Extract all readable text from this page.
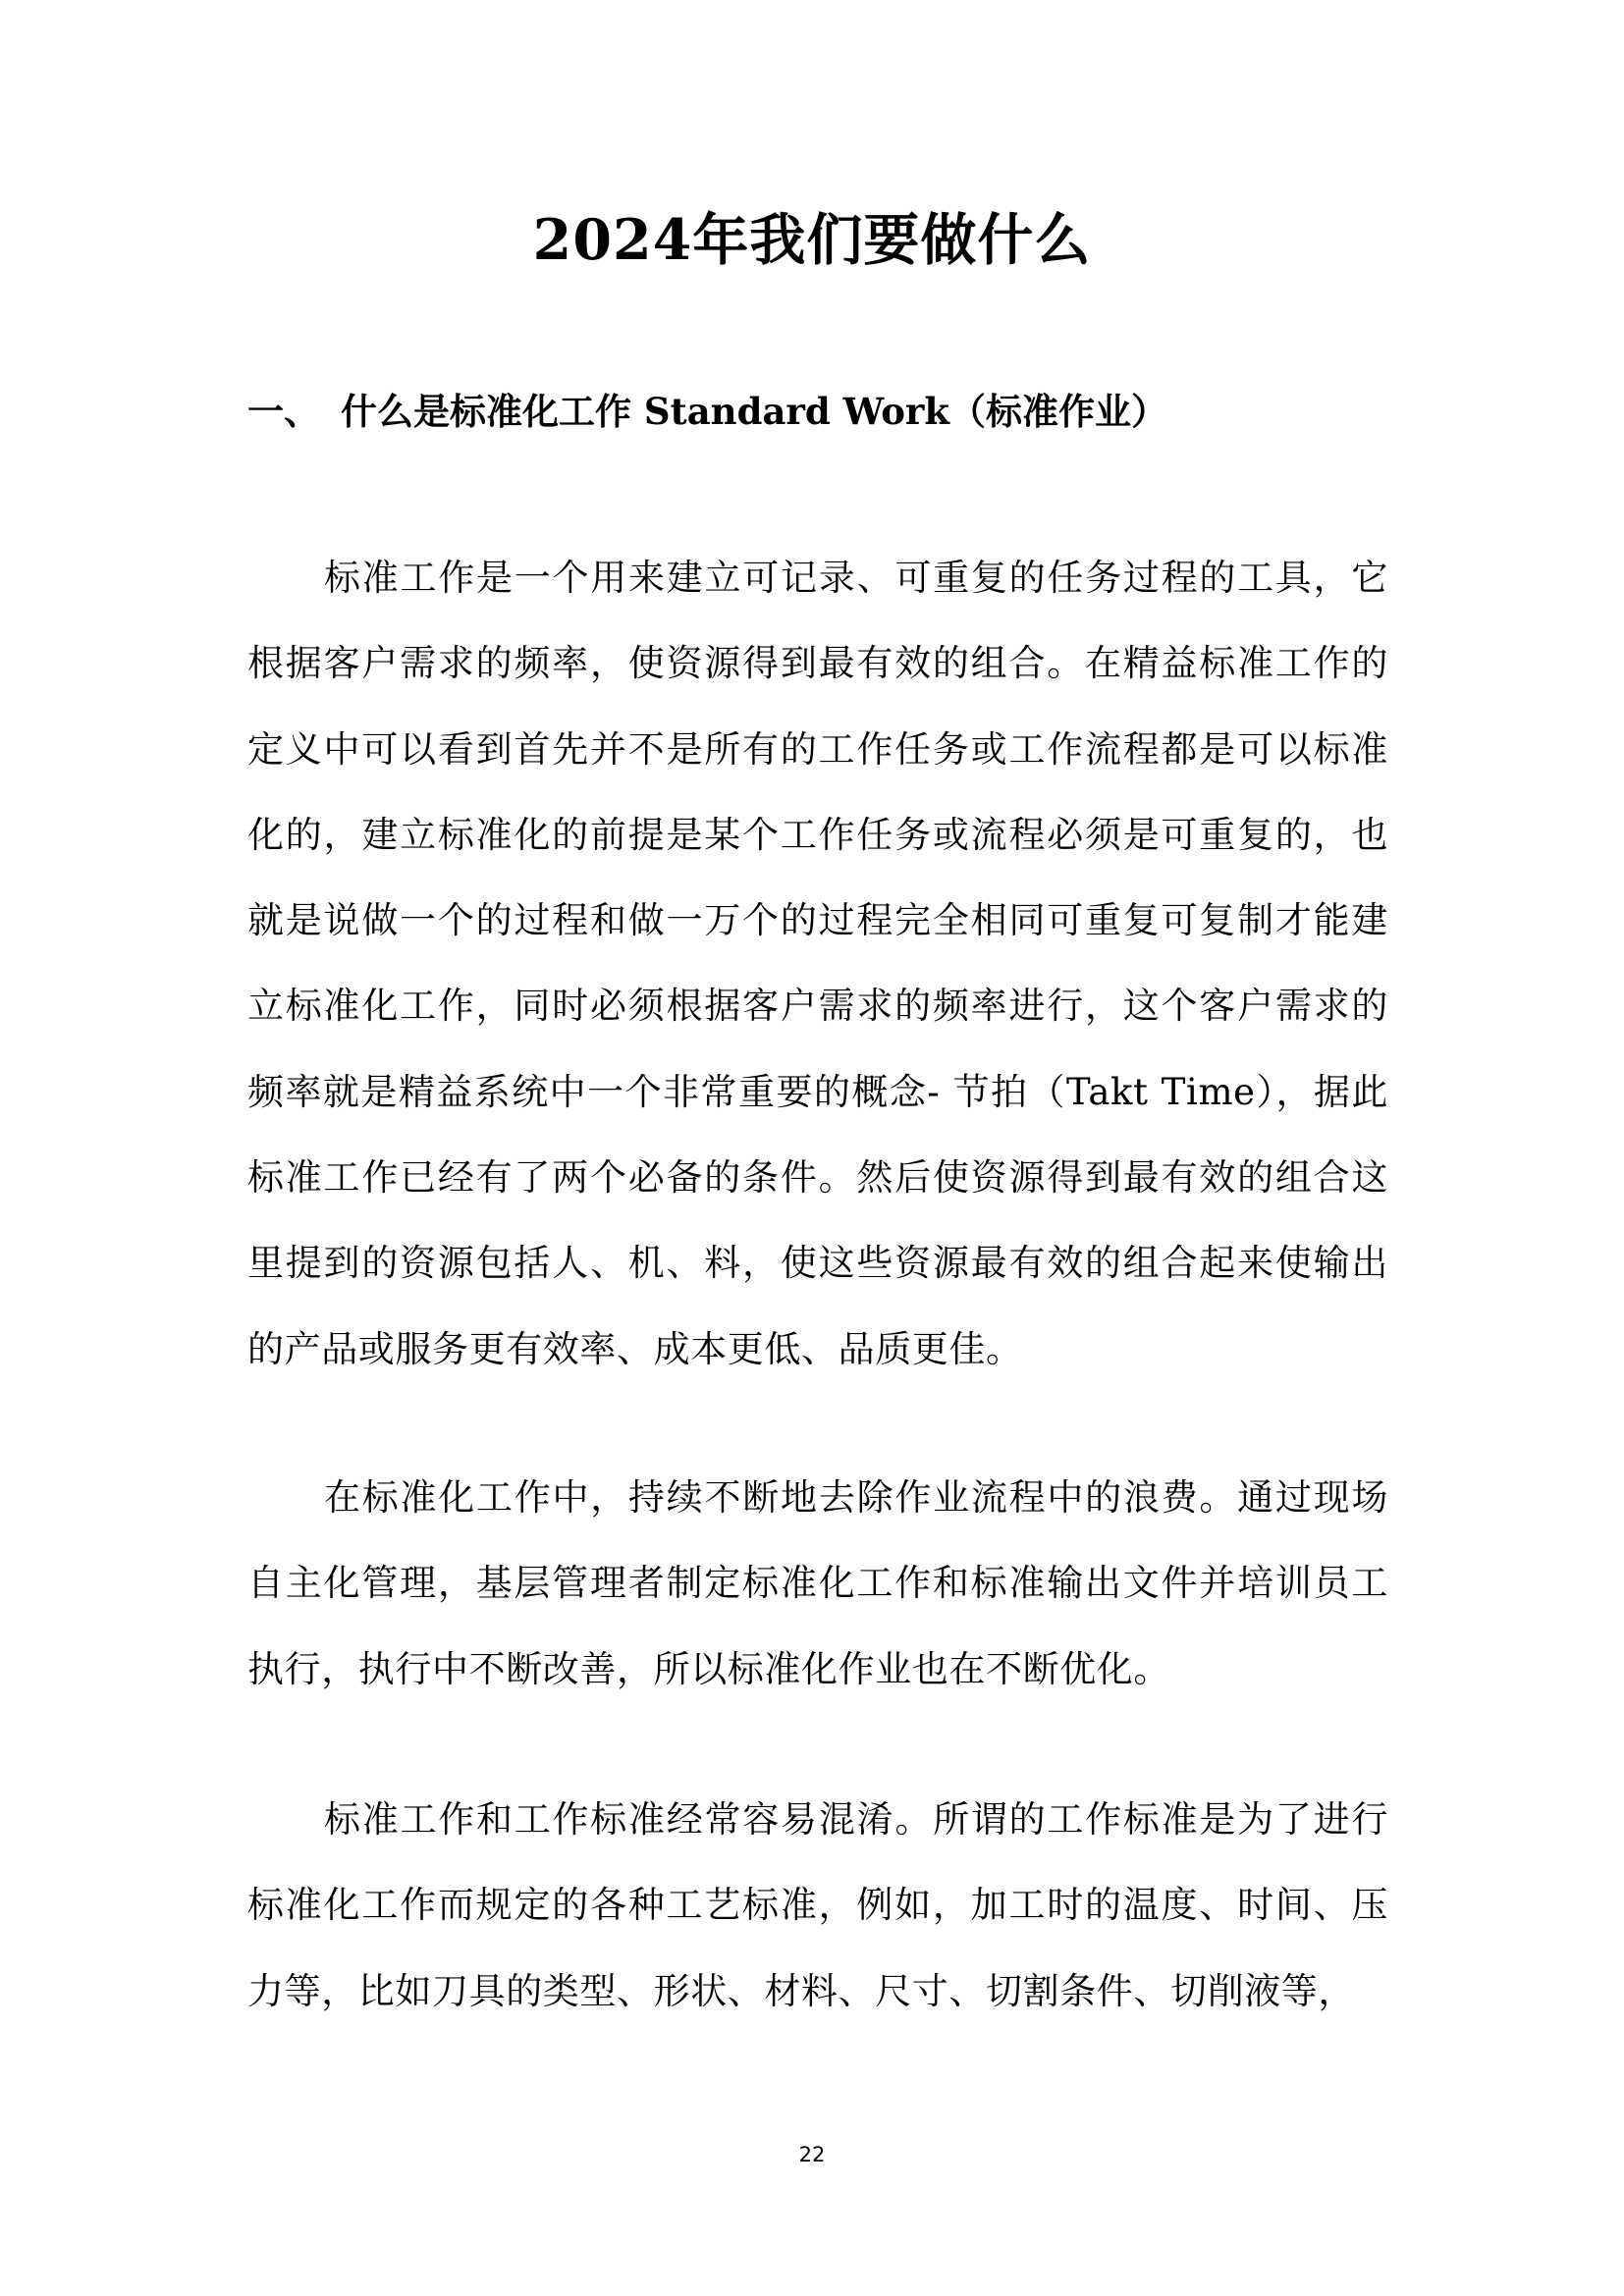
2024年我们要做什么
一、 什么是标准化工作 Standard Work（标准作业）

标准工作是一个用来建立可记录、可重复的任务过程的工具，它根据客户需求的频率，使资源得到最有效的组合。在精益标准工作的定义中可以看到首先并不是所有的工作任务或工作流程都是可以标准化的，建立标准化的前提是某个工作任务或流程必须是可重复的，也就是说做一个的过程和做一万个的过程完全相同可重复可复制才能建立标准化工作，同时必须根据客户需求的频率进行，这个客户需求的频率就是精益系统中一个非常重要的概念- 节拍（Takt Time），据此标准工作已经有了两个必备的条件。然后使资源得到最有效的组合这里提到的资源包括人、机、料，使这些资源最有效的组合起来使输出的产品或服务更有效率、成本更低、品质更佳。

在标准化工作中，持续不断地去除作业流程中的浪费。通过现场自主化管理，基层管理者制定标准化工作和标准输出文件并培训员工执行，执行中不断改善，所以标准化作业也在不断优化。

标准工作和工作标准经常容易混淆。所谓的工作标准是为了进行标准化工作而规定的各种工艺标准，例如，加工时的温度、时间、压力等，比如刀具的类型、形状、材料、尺寸、切割条件、切削液等，

22
